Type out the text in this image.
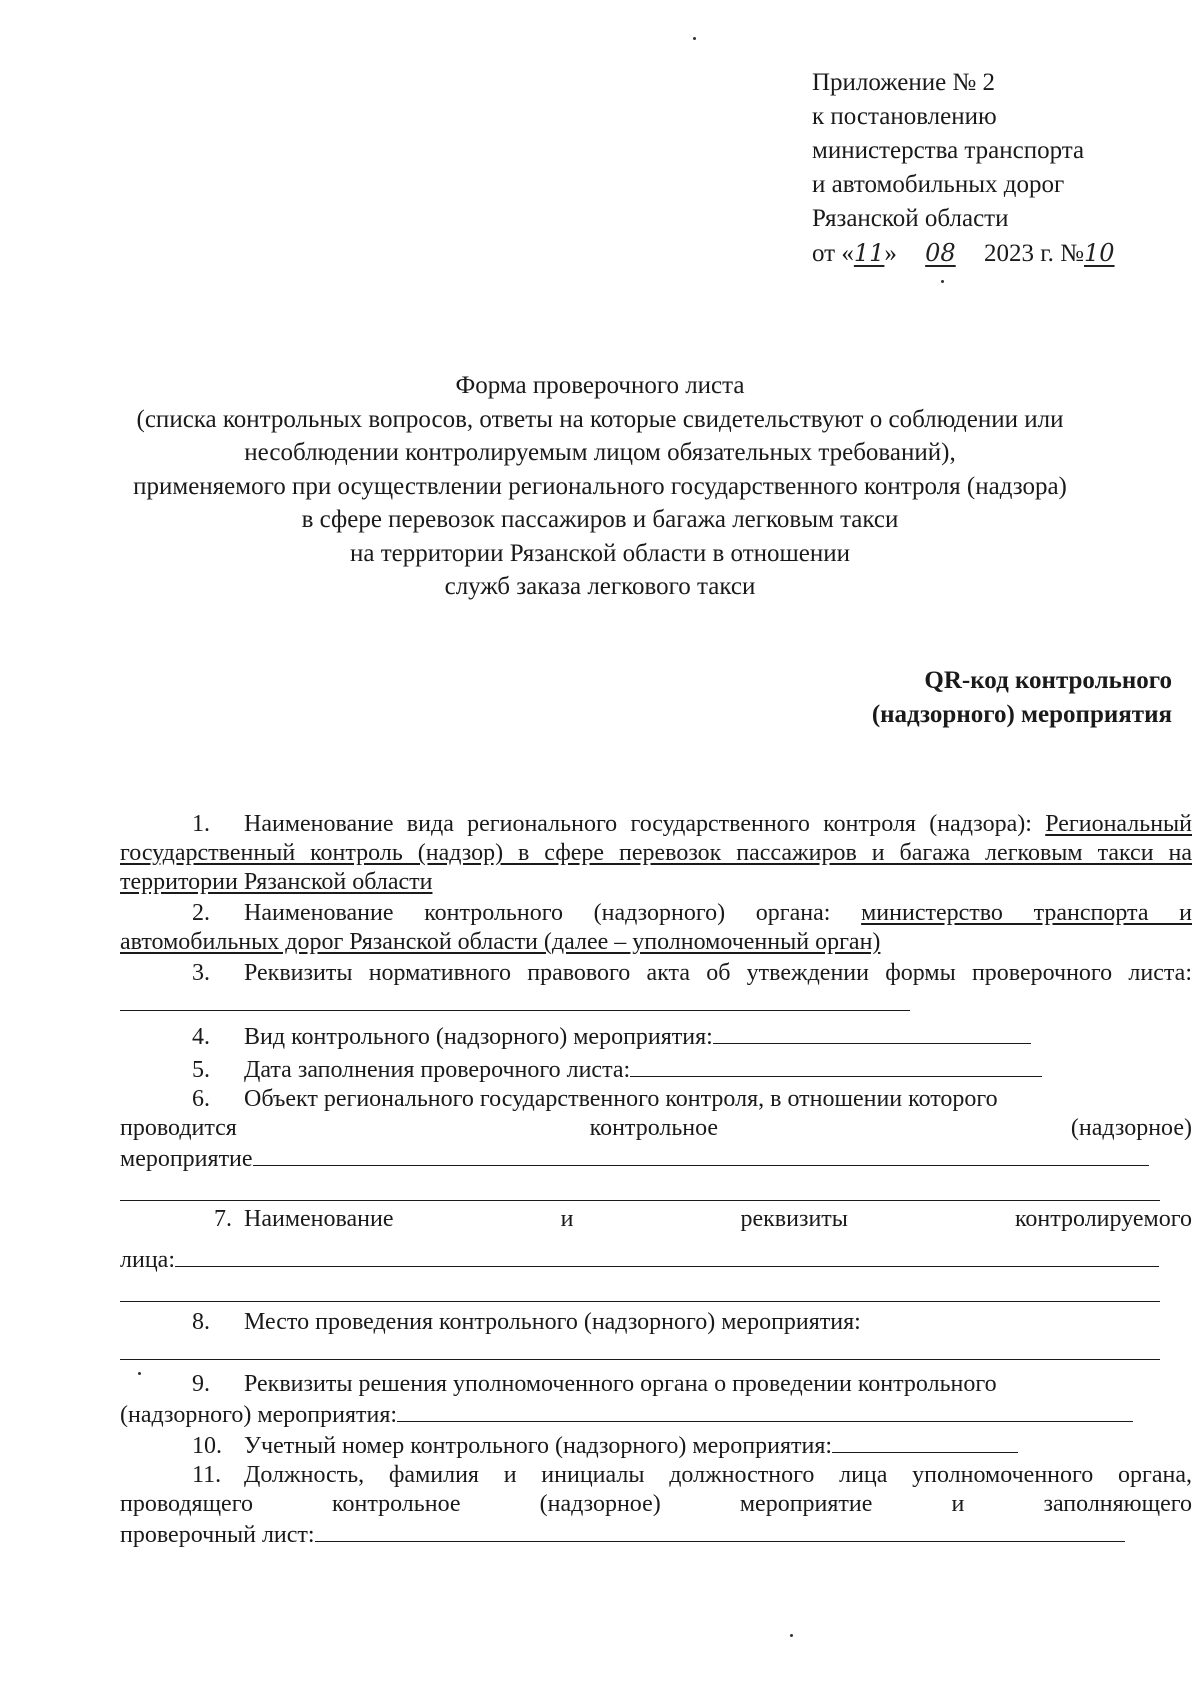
Приложение № 2
к постановлению
министерства транспорта
и автомобильных дорог
Рязанской области
от «11» 08 2023 г. №10
Форма проверочного листа
(списка контрольных вопросов, ответы на которые свидетельствуют о соблюдении или
несоблюдении контролируемым лицом обязательных требований),
применяемого при осуществлении регионального государственного контроля (надзора)
в сфере перевозок пассажиров и багажа легковым такси
на территории Рязанской области в отношении
служб заказа легкового такси
QR-код контрольного
(надзорного) мероприятия

1. Наименование вида регионального государственного контроля (надзора): Региональный государственный контроль (надзор) в сфере перевозок пассажиров и багажа легковым такси на территории Рязанской области

2. Наименование контрольного (надзорного) органа: министерство транспорта и автомобильных дорог Рязанской области (далее – уполномоченный орган)

3. Реквизиты нормативного правового акта об утвеждении формы проверочного листа:

4. Вид контрольного (надзорного) мероприятия:

5. Дата заполнения проверочного листа:

6. Объект регионального государственного контроля, в отношении которого

проводится	контрольное	(надзорное)
мероприятие
7. Наименование	и	реквизиты	контролируемого
лица:

8. Место проведения контрольного (надзорного) мероприятия:

9. Реквизиты решения уполномоченного органа о проведении контрольного

(надзорного) мероприятия:

10. Учетный номер контрольного (надзорного) мероприятия:

11. Должность, фамилия и инициалы должностного лица уполномоченного органа, проводящего контрольное (надзорное) мероприятие и заполняющего

проверочный лист:
